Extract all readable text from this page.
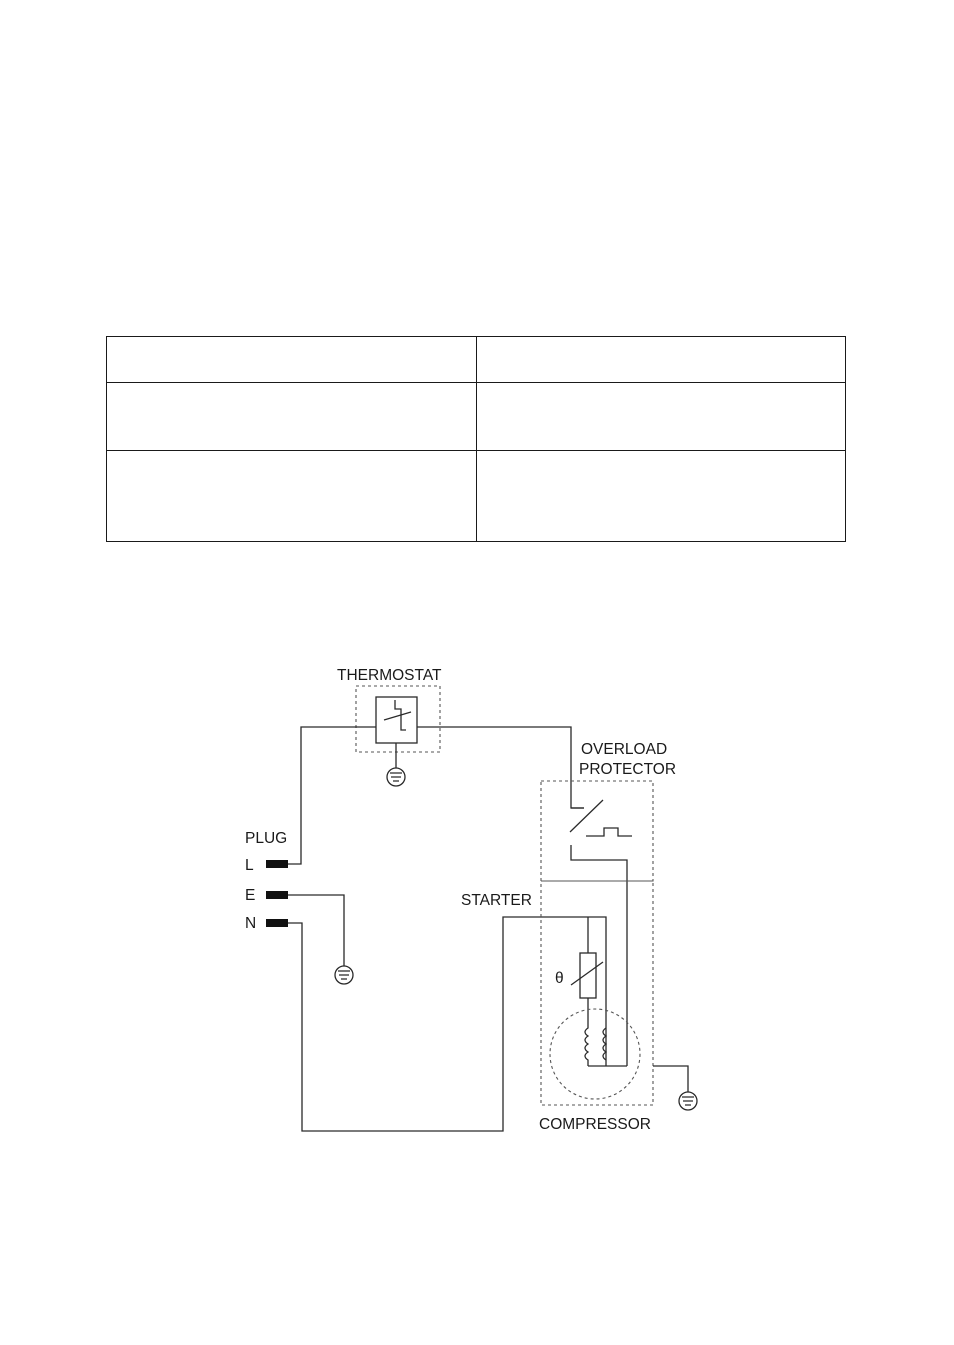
THERMOSTAT
OVERLOAD
PROTECTOR
PLUG
L
E
N
STARTER
COMPRESSOR
θ
